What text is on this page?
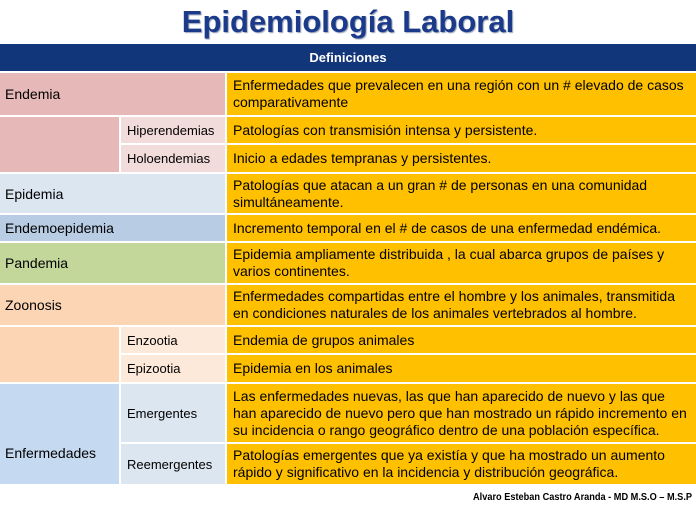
Epidemiología Laboral
Definiciones		
Endemia		Enfermedades que prevalecen en una región con un # elevado de casos comparativamente
	Hiperendemias	Patologías con transmisión intensa y persistente.
	Holoendemias	Inicio a edades tempranas y persistentes.
Epidemia		Patologías que atacan a un gran # de personas en una comunidad simultáneamente.
Endemoepidemia		Incremento temporal en el # de casos de una enfermedad endémica.
Pandemia		Epidemia ampliamente distribuida , la cual abarca grupos de países y varios continentes.
Zoonosis		Enfermedades compartidas entre el hombre y los animales, transmitida en condiciones naturales de los animales vertebrados al hombre.
	Enzootia	Endemia de grupos animales
	Epizootia	Epidemia en los animales
Enfermedades	Emergentes	Las enfermedades nuevas, las que han aparecido de nuevo y las que han aparecido de nuevo pero que han mostrado un rápido incremento en su incidencia o rango geográfico dentro de una población específica.
	Reemergentes	Patologías emergentes que ya existía y que ha mostrado un aumento rápido y significativo en la incidencia y distribución geográfica.
Alvaro Esteban Castro Aranda - MD M.S.O – M.S.P
